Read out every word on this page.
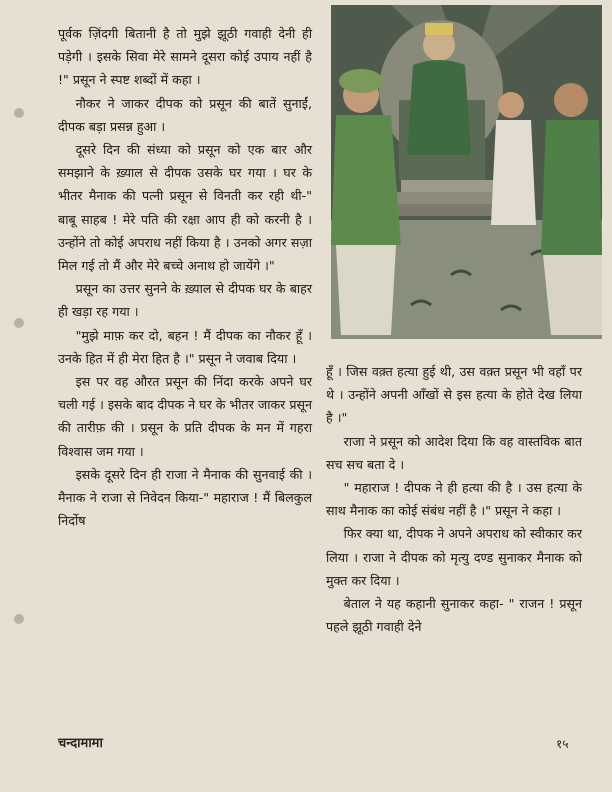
पूर्वक ज़िंदगी बितानी है तो मुझे झूठी गवाही देनी ही पड़ेगी । इसके सिवा मेरे सामने दूसरा कोई उपाय नहीं है !" प्रसून ने स्पष्ट शब्दों में कहा ।

नौकर ने जाकर दीपक को प्रसून की बातें सुनाईं, दीपक बड़ा प्रसन्न हुआ ।

दूसरे दिन की संध्या को प्रसून को एक बार और समझाने के ख़्याल से दीपक उसके घर गया । घर के भीतर मैनाक की पत्नी प्रसून से विनती कर रही थी-" बाबू साहब ! मेरे पति की रक्षा आप ही को करनी है । उन्होंने तो कोई अपराध नहीं किया है । उनको अगर सज़ा मिल गई तो मैं और मेरे बच्चे अनाथ हो जायेंगे ।"

प्रसून का उत्तर सुनने के ख़्याल से दीपक घर के बाहर ही खड़ा रह गया ।

"मुझे माफ़ कर दो, बहन ! मैं दीपक का नौकर हूँ । उनके हित में ही मेरा हित है ।" प्रसून ने जवाब दिया ।

इस पर वह औरत प्रसून की निंदा करके अपने घर चली गई । इसके बाद दीपक ने घर के भीतर जाकर प्रसून की तारीफ़ की । प्रसून के प्रति दीपक के मन में गहरा विश्वास जम गया ।

इसके दूसरे दिन ही राजा ने मैनाक की सुनवाई की । मैनाक ने राजा से निवेदन किया-" महाराज ! मैं बिलकुल निर्दोष

हूँ । जिस वक़्त हत्या हुई थी, उस वक़्त प्रसून भी वहाँ पर थे । उन्होंने अपनी आँखों से इस हत्या के होते देख लिया है ।"

राजा ने प्रसून को आदेश दिया कि वह वास्तविक बात सच सच बता दे ।

" महाराज ! दीपक ने ही हत्या की है । उस हत्या के साथ मैनाक का कोई संबंध नहीं है ।" प्रसून ने कहा ।

फिर क्या था, दीपक ने अपने अपराध को स्वीकार कर लिया । राजा ने दीपक को मृत्यु दण्ड सुनाकर मैनाक को मुक्त कर दिया ।

बेताल ने यह कहानी सुनाकर कहा- " राजन ! प्रसून पहले झूठी गवाही देने

चन्दामामा	१५
